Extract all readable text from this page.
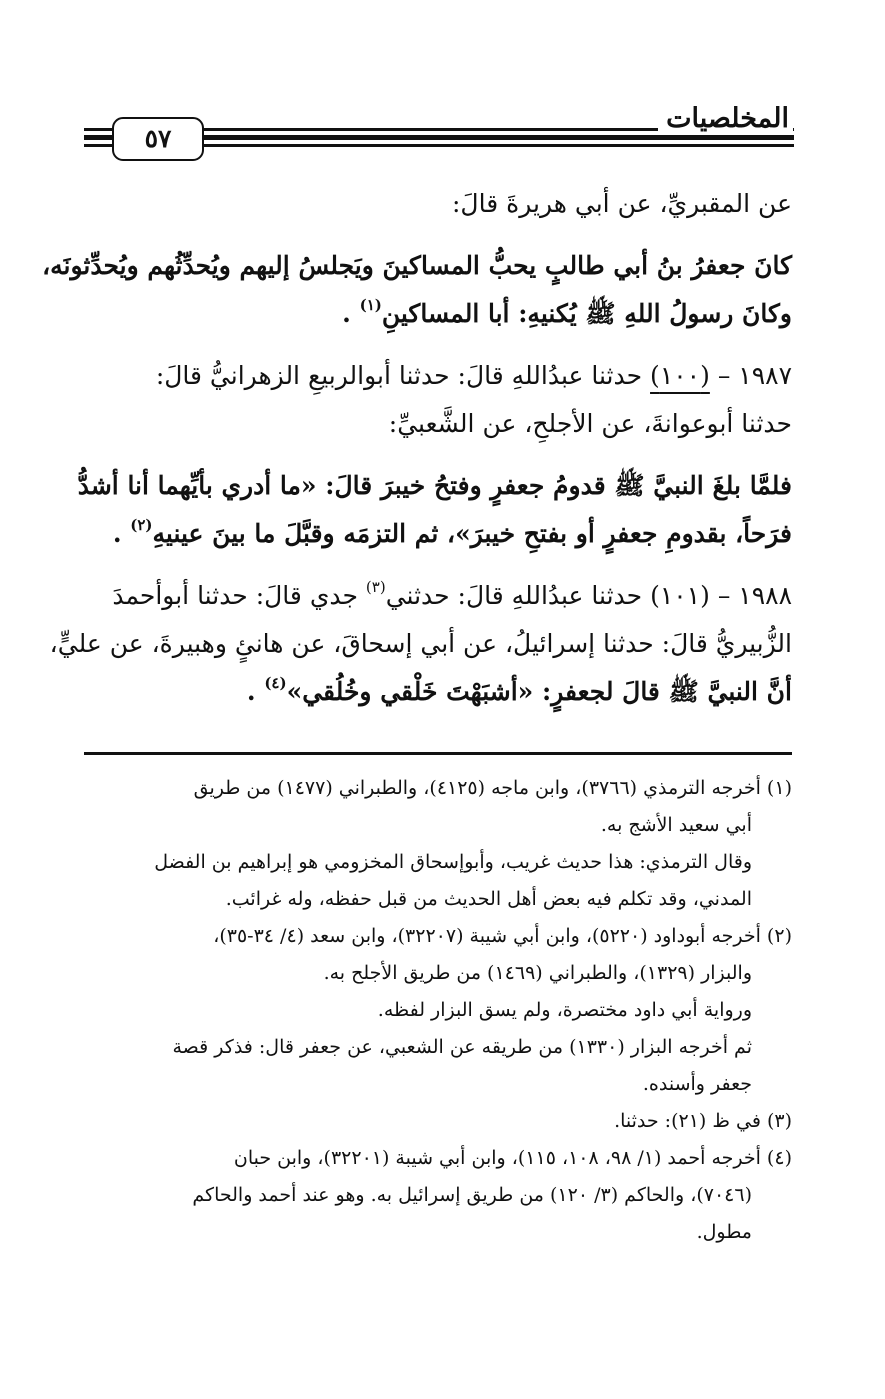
المخلصيات
٥٧
عن المقبريِّ، عن أبي هريرةَ قالَ:
كانَ جعفرُ بنُ أبي طالبٍ يحبُّ المساكينَ ويَجلسُ إليهم ويُحدِّثُهم ويُحدِّثونَه،
وكانَ رسولُ اللهِ ﷺ يُكنيهِ: أبا المساكينِ$^{(١)}$ .
١٩٨٧ – (١٠٠) حدثنا عبدُاللهِ قالَ: حدثنا أبوالربيعِ الزهرانيُّ قالَ:
حدثنا أبوعوانةَ، عن الأجلحِ، عن الشَّعبيِّ:
فلمَّا بلغَ النبيَّ ﷺ قدومُ جعفرٍ وفتحُ خيبرَ قالَ: «ما أدري بأيِّهما أنا أشدُّ
فرَحاً، بقدومِ جعفرٍ أو بفتحِ خيبرَ»، ثم التزمَه وقبَّلَ ما بينَ عينيهِ$^{(٢)}$ .
١٩٨٨ – (١٠١) حدثنا عبدُاللهِ قالَ: حدثني$^{(٣)}$ جدي قالَ: حدثنا أبوأحمدَ
الزُّبيريُّ قالَ: حدثنا إسرائيلُ، عن أبي إسحاقَ، عن هانئٍ وهبيرةَ، عن عليٍّ،
أنَّ النبيَّ ﷺ قالَ لجعفرٍ: «أشبَهْتَ خَلْقي وخُلُقي»$^{(٤)}$ .
(١) أخرجه الترمذي (٣٧٦٦)، وابن ماجه (٤١٢٥)، والطبراني (١٤٧٧) من طريق
أبي سعيد الأشج به.
وقال الترمذي: هذا حديث غريب، وأبوإسحاق المخزومي هو إبراهيم بن الفضل
المدني، وقد تكلم فيه بعض أهل الحديث من قبل حفظه، وله غرائب.
(٢) أخرجه أبوداود (٥٢٢٠)، وابن أبي شيبة (٣٢٢٠٧)، وابن سعد (٤/ ٣٤-٣٥)،
والبزار (١٣٢٩)، والطبراني (١٤٦٩) من طريق الأجلح به.
ورواية أبي داود مختصرة، ولم يسق البزار لفظه.
ثم أخرجه البزار (١٣٣٠) من طريقه عن الشعبي، عن جعفر قال: فذكر قصة
جعفر وأسنده.
(٣) في ظ (٢١): حدثنا.
(٤) أخرجه أحمد (١/ ٩٨، ١٠٨، ١١٥)، وابن أبي شيبة (٣٢٢٠١)، وابن حبان
(٧٠٤٦)، والحاكم (٣/ ١٢٠) من طريق إسرائيل به. وهو عند أحمد والحاكم
مطول.
